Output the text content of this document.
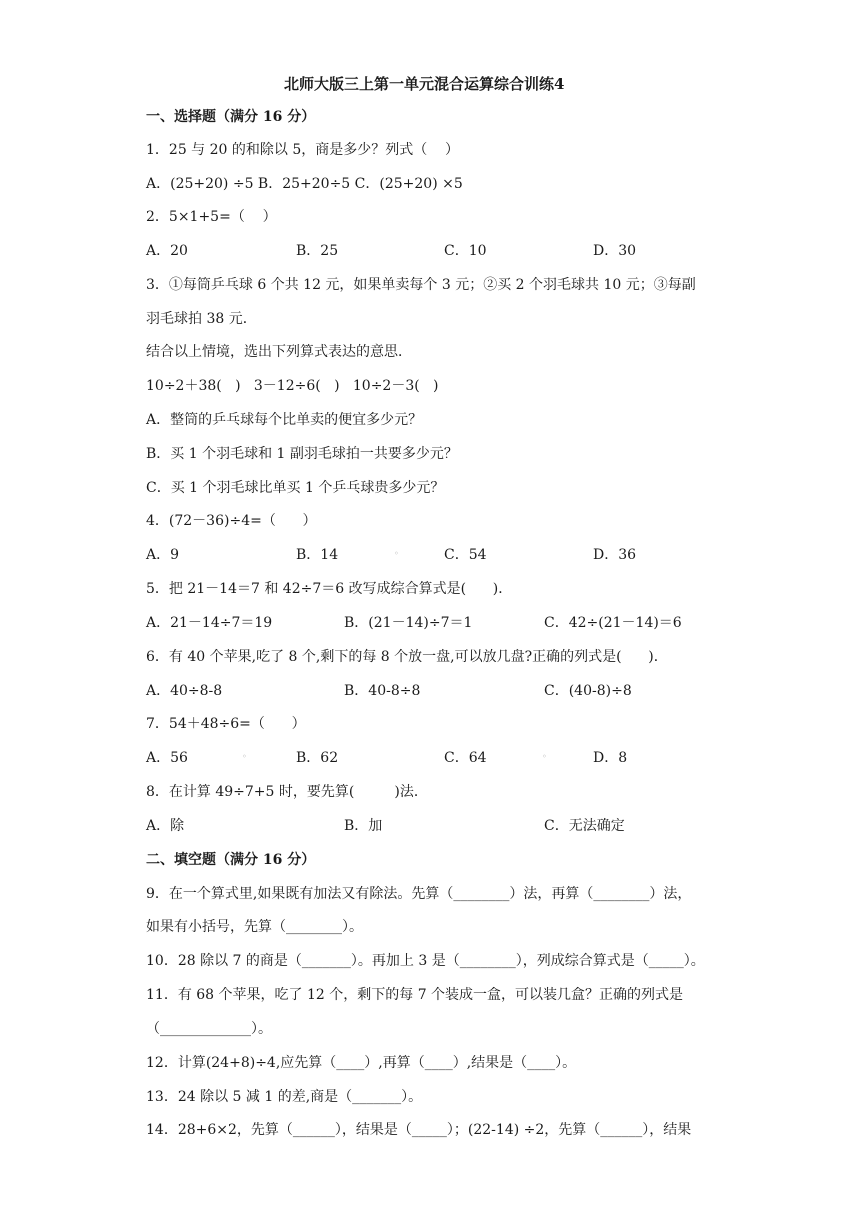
北师大版三上第一单元混合运算综合训练4
一、选择题（满分 16 分）
1．25 与 20 的和除以 5，商是多少？列式（    ）
A．(25+20) ÷5 B．25+20÷5 C．(25+20) ×5
2．5×1+5=（    ）
A．20	B．25	C．10	D．30
3．①每筒乒乓球 6 个共 12 元，如果单卖每个 3 元；②买 2 个羽毛球共 10 元；③每副
羽毛球拍 38 元．
结合以上情境，选出下列算式表达的意思．
10÷2＋38(   )   3－12÷6(   )   10÷2－3(   )
A．整筒的乒乓球每个比单卖的便宜多少元？
B．买 1 个羽毛球和 1 副羽毛球拍一共要多少元？
C．买 1 个羽毛球比单买 1 个乒乓球贵多少元？
4．(72－36)÷4=（      ）
A．9	B．14	◦	C．54	D．36
5．把 21－14＝7 和 42÷7＝6 改写成综合算式是(      )．
A．21－14÷7＝19	B．(21－14)÷7＝1	C．42÷(21－14)＝6
6．有 40 个苹果,吃了 8 个,剩下的每 8 个放一盘,可以放几盘?正确的列式是(      )．
A．40÷8-8	B．40-8÷8	C．(40-8)÷8
7．54＋48÷6=（      ）
A．56	◦	B．62	C．64	◦	D．8
8．在计算 49÷7+5 时，要先算(         )法．
A．除	B．加	C．无法确定
二、填空题（满分 16 分）
9．在一个算式里,如果既有加法又有除法。先算（________）法，再算（________）法，
如果有小括号，先算（________）。
10．28 除以 7 的商是（_______）。再加上 3 是（________），列成综合算式是（_____）。
11．有 68 个苹果，吃了 12 个，剩下的每 7 个装成一盒，可以装几盒？正确的列式是
（_____________）。
12．计算(24+8)÷4,应先算（____）,再算（____）,结果是（____）。
13．24 除以 5 减 1 的差,商是（_______）。
14．28+6×2，先算（______），结果是（_____）；(22-14) ÷2，先算（______），结果
